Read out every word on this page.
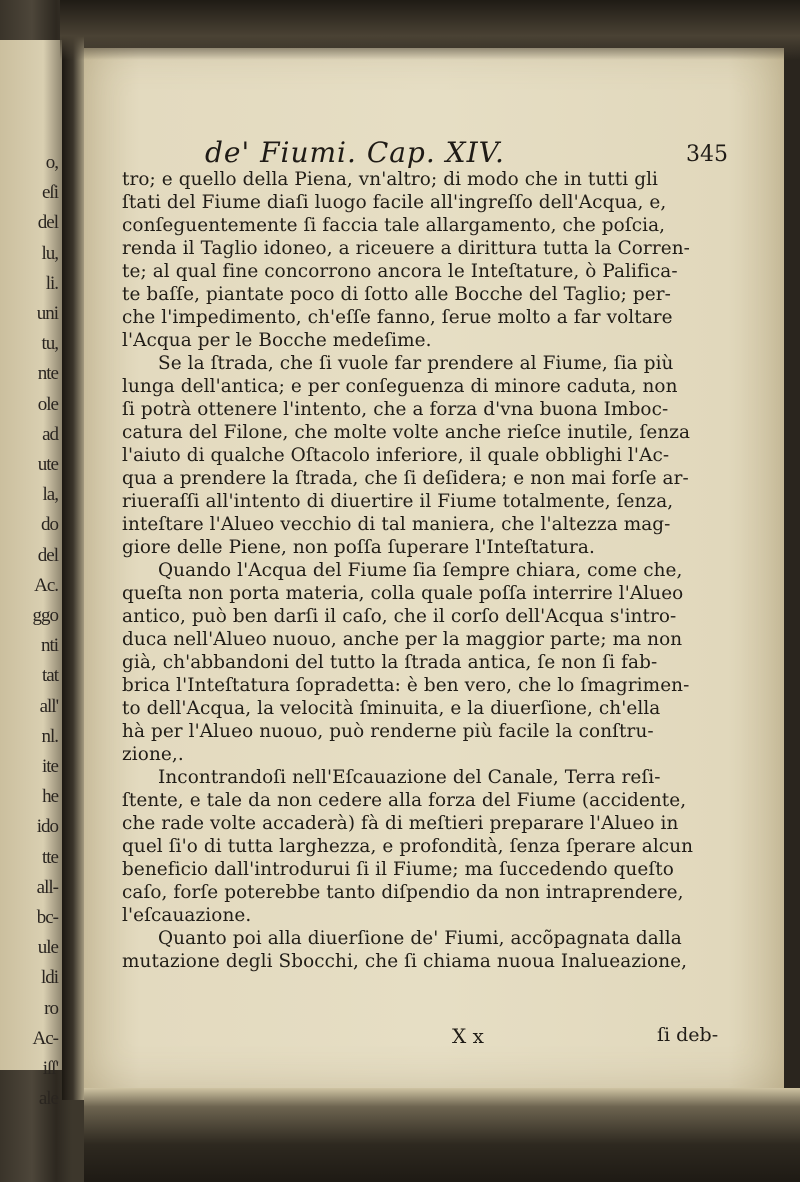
o,
eſi
del
lu,
li.
uni
tu,
nte
ole
ad
ute
la,
do
del
Ac.
ggo
nti
tat
all'
nl.
ite
he
ido
tte
all-
bc-
ule
ldi
ro
Ac-
iſſ'
ale
de' Fiumi. Cap. XIV.	345
tro; e quello della Piena, vn'altro; di modo che in tutti gli
ſtati del Fiume diaſi luogo facile all'ingreſſo dell'Acqua, e,
conſeguentemente ſi faccia tale allargamento, che poſcia,
renda il Taglio idoneo, a riceuere a dirittura tutta la Corren-
te; al qual fine concorrono ancora le Inteſtature, ò Palifica-
te baſſe, piantate poco di ſotto alle Bocche del Taglio; per-
che l'impedimento, ch'eſſe fanno, ſerue molto a far voltare
l'Acqua per le Bocche medeſime.
Se la ſtrada, che ſi vuole far prendere al Fiume, ſia più
lunga dell'antica; e per conſeguenza di minore caduta, non
ſi potrà ottenere l'intento, che a forza d'vna buona Imboc-
catura del Filone, che molte volte anche rieſce inutile, ſenza
l'aiuto di qualche Oſtacolo inferiore, il quale obblighi l'Ac-
qua a prendere la ſtrada, che ſi deſidera; e non mai forſe ar-
riueraſſi all'intento di diuertire il Fiume totalmente, ſenza,
inteſtare l'Alueo vecchio di tal maniera, che l'altezza mag-
giore delle Piene, non poſſa ſuperare l'Inteſtatura.
Quando l'Acqua del Fiume ſia ſempre chiara, come che,
queſta non porta materia, colla quale poſſa interrire l'Alueo
antico, può ben darſi il caſo, che il corſo dell'Acqua s'intro-
duca nell'Alueo nuouo, anche per la maggior parte; ma non
già, ch'abbandoni del tutto la ſtrada antica, ſe non ſi fab-
brica l'Inteſtatura ſopradetta: è ben vero, che lo ſmagrimen-
to dell'Acqua, la velocità ſminuita, e la diuerſione, ch'ella
hà per l'Alueo nuouo, può renderne più facile la conſtru-
zione,.
Incontrandoſi nell'Eſcauazione del Canale, Terra reſi-
ſtente, e tale da non cedere alla forza del Fiume (accidente,
che rade volte accaderà) fà di meſtieri preparare l'Alueo in
quel ſi'o di tutta larghezza, e profondità, ſenza ſperare alcun
beneficio dall'introdurui ſi il Fiume; ma ſuccedendo queſto
caſo, forſe poterebbe tanto diſpendio da non intraprendere,
l'eſcauazione.
Quanto poi alla diuerſione de' Fiumi, accõpagnata dalla
mutazione degli Sbocchi, che ſi chiama nuoua Inalueazione,
X x	ſi deb-
